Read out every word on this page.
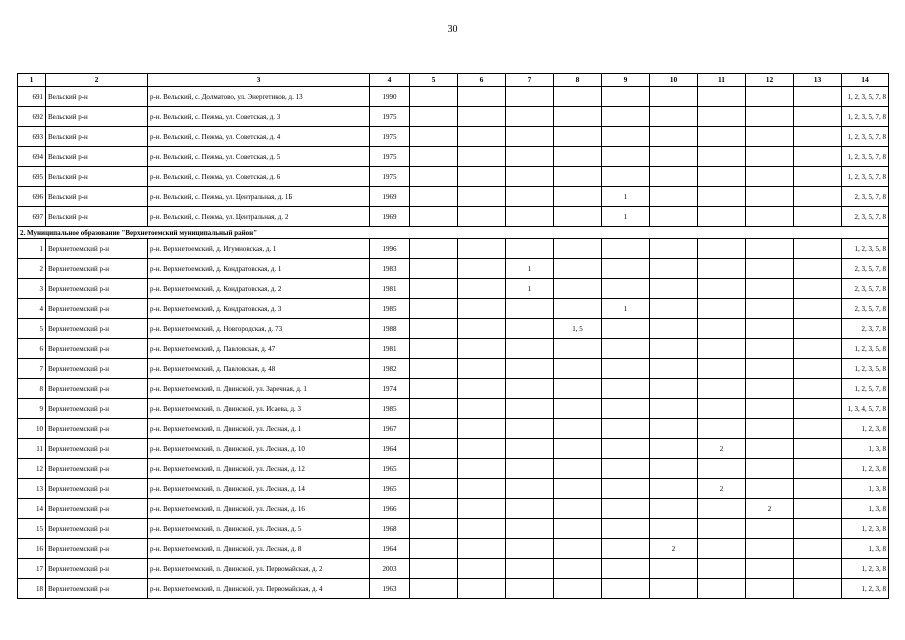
30
1	2	3	4	5	6	7	8	9	10	11	12	13	14
691	Вельский р-н	р-н. Вельский, с. Долматово, ул. Энергетиков, д. 13	1990										1, 2, 3, 5, 7, 8
692	Вельский р-н	р-н. Вельский, с. Пежма, ул. Советская, д. 3	1975										1, 2, 3, 5, 7, 8
693	Вельский р-н	р-н. Вельский, с. Пежма, ул. Советская, д. 4	1975										1, 2, 3, 5, 7, 8
694	Вельский р-н	р-н. Вельский, с. Пежма, ул. Советская, д. 5	1975										1, 2, 3, 5, 7, 8
695	Вельский р-н	р-н. Вельский, с. Пежма, ул. Советская, д. 6	1975										1, 2, 3, 5, 7, 8
696	Вельский р-н	р-н. Вельский, с. Пежма, ул. Центральная, д. 1Б	1969					1					2, 3, 5, 7, 8
697	Вельский р-н	р-н. Вельский, с. Пежма, ул. Центральная, д. 2	1969					1					2, 3, 5, 7, 8
2. Муниципальное образование "Верхнетоемский муниципальный район"													
1	Верхнетоемский р-н	р-н. Верхнетоемский, д. Игумновская, д. 1	1996										1, 2, 3, 5, 8
2	Верхнетоемский р-н	р-н. Верхнетоемский, д. Кондратовская, д. 1	1983			1							2, 3, 5, 7, 8
3	Верхнетоемский р-н	р-н. Верхнетоемский, д. Кондратовская, д. 2	1981			1							2, 3, 5, 7, 8
4	Верхнетоемский р-н	р-н. Верхнетоемский, д. Кондратовская, д. 3	1985					1					2, 3, 5, 7, 8
5	Верхнетоемский р-н	р-н. Верхнетоемский, д. Новгородская, д. 73	1988				1, 5						2, 3, 7, 8
6	Верхнетоемский р-н	р-н. Верхнетоемский, д. Павловская, д. 47	1981										1, 2, 3, 5, 8
7	Верхнетоемский р-н	р-н. Верхнетоемский, д. Павловская, д. 48	1982										1, 2, 3, 5, 8
8	Верхнетоемский р-н	р-н. Верхнетоемский, п. Двинской, ул. Заречная, д. 1	1974										1, 2, 5, 7, 8
9	Верхнетоемский р-н	р-н. Верхнетоемский, п. Двинской, ул. Исаева, д. 3	1985										1, 3, 4, 5, 7, 8
10	Верхнетоемский р-н	р-н. Верхнетоемский, п. Двинской, ул. Лесная, д. 1	1967										1, 2, 3, 8
11	Верхнетоемский р-н	р-н. Верхнетоемский, п. Двинской, ул. Лесная, д. 10	1964							2			1, 3, 8
12	Верхнетоемский р-н	р-н. Верхнетоемский, п. Двинской, ул. Лесная, д. 12	1965										1, 2, 3, 8
13	Верхнетоемский р-н	р-н. Верхнетоемский, п. Двинской, ул. Лесная, д. 14	1965							2			1, 3, 8
14	Верхнетоемский р-н	р-н. Верхнетоемский, п. Двинской, ул. Лесная, д. 16	1966								2		1, 3, 8
15	Верхнетоемский р-н	р-н. Верхнетоемский, п. Двинской, ул. Лесная, д. 5	1968										1, 2, 3, 8
16	Верхнетоемский р-н	р-н. Верхнетоемский, п. Двинской, ул. Лесная, д. 8	1964						2				1, 3, 8
17	Верхнетоемский р-н	р-н. Верхнетоемский, п. Двинской, ул. Первомайская, д. 2	2003										1, 2, 3, 8
18	Верхнетоемский р-н	р-н. Верхнетоемский, п. Двинской, ул. Первомайская, д. 4	1963										1, 2, 3, 8
